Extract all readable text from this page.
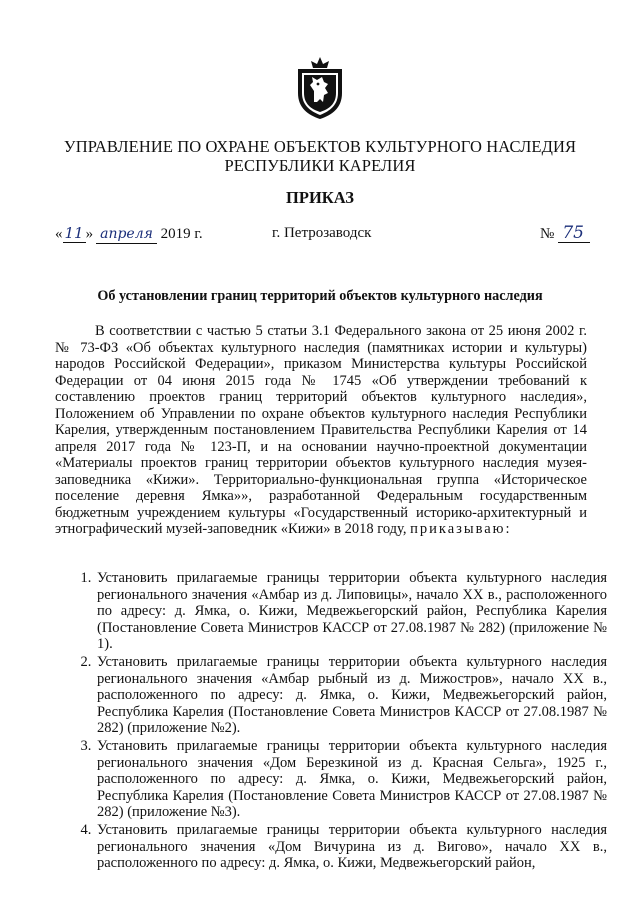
УПРАВЛЕНИЕ ПО ОХРАНЕ ОБЪЕКТОВ КУЛЬТУРНОГО НАСЛЕДИЯ
РЕСПУБЛИКИ КАРЕЛИЯ
ПРИКАЗ
« 11 » апреля 2019 г.	г. Петрозаводск	№ 75
Об установлении границ территорий объектов культурного наследия
В соответствии с частью 5 статьи 3.1 Федерального закона от 25 июня 2002 г. № 73-ФЗ «Об объектах культурного наследия (памятниках истории и культуры) народов Российской Федерации», приказом Министерства культуры Российской Федерации от 04 июня 2015 года № 1745 «Об утверждении требований к составлению проектов границ территорий объектов культурного наследия», Положением об Управлении по охране объектов культурного наследия Республики Карелия, утвержденным постановлением Правительства Республики Карелия от 14 апреля 2017 года № 123-П, и на основании научно-проектной документации «Материалы проектов границ территории объектов культурного наследия музея-заповедника «Кижи». Территориально-функциональная группа «Историческое поселение деревня Ямка»», разработанной Федеральным государственным бюджетным учреждением культуры «Государственный историко-архитектурный и этнографический музей-заповедник «Кижи» в 2018 году, приказываю:
1. Установить прилагаемые границы территории объекта культурного наследия регионального значения «Амбар из д. Липовицы», начало XX в., расположенного по адресу: д. Ямка, о. Кижи, Медвежьегорский район, Республика Карелия (Постановление Совета Министров КАССР от 27.08.1987 № 282) (приложение № 1).
2. Установить прилагаемые границы территории объекта культурного наследия регионального значения «Амбар рыбный из д. Мижостров», начало XX в., расположенного по адресу: д. Ямка, о. Кижи, Медвежьегорский район, Республика Карелия (Постановление Совета Министров КАССР от 27.08.1987 № 282) (приложение №2).
3. Установить прилагаемые границы территории объекта культурного наследия регионального значения «Дом Березкиной из д. Красная Сельга», 1925 г., расположенного по адресу: д. Ямка, о. Кижи, Медвежьегорский район, Республика Карелия (Постановление Совета Министров КАССР от 27.08.1987 № 282) (приложение №3).
4. Установить прилагаемые границы территории объекта культурного наследия регионального значения «Дом Вичурина из д. Вигово», начало XX в., расположенного по адресу: д. Ямка, о. Кижи, Медвежьегорский район,
